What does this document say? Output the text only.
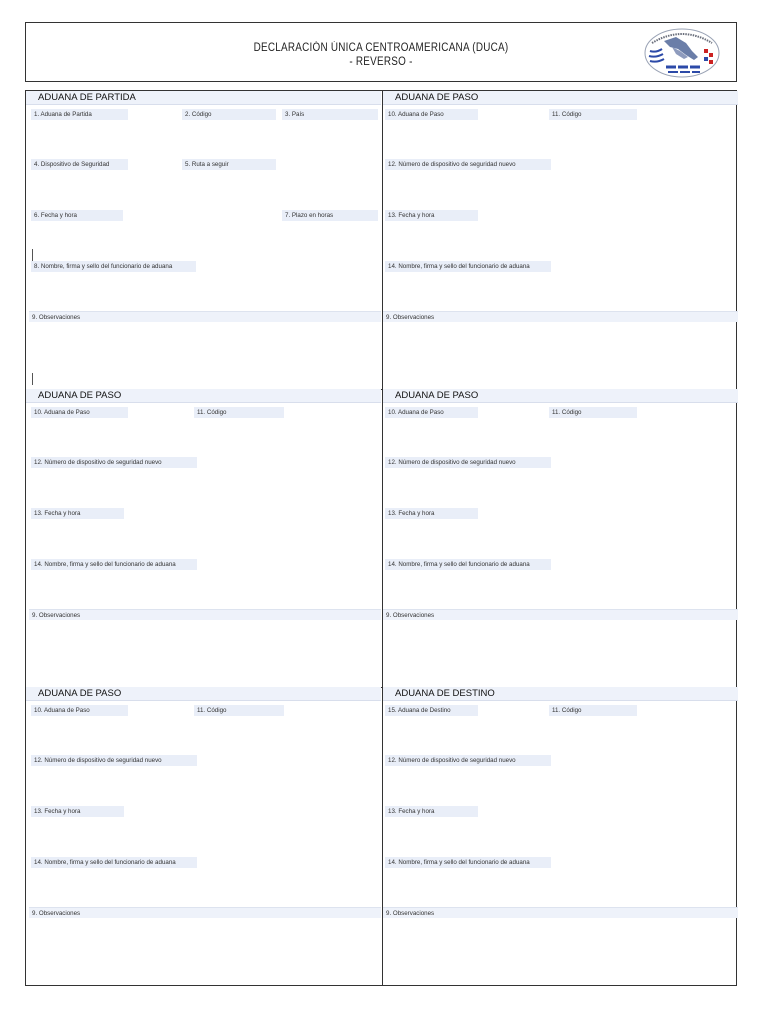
DECLARACIÓN ÚNICA CENTROAMERICANA (DUCA)
- REVERSO -
ADUANA DE PARTIDA
1. Aduana de Partida	2. Código	3. País
4. Dispositivo de Seguridad	5. Ruta a seguir
6. Fecha y hora	7. Plazo en horas
8. Nombre, firma y sello del funcionario de aduana
9. Observaciones
ADUANA DE PASO
10. Aduana de Paso	11. Código
12. Número de dispositivo de seguridad nuevo
13. Fecha y hora
14. Nombre, firma y sello del funcionario de aduana
9. Observaciones
ADUANA DE PASO
10. Aduana de Paso	11. Código
12. Número de dispositivo de seguridad nuevo
13. Fecha y hora
14. Nombre, firma y sello del funcionario de aduana
9. Observaciones
ADUANA DE PASO
10. Aduana de Paso	11. Código
12. Número de dispositivo de seguridad nuevo
13. Fecha y hora
14. Nombre, firma y sello del funcionario de aduana
9. Observaciones
ADUANA DE PASO
10. Aduana de Paso	11. Código
12. Número de dispositivo de seguridad nuevo
13. Fecha y hora
14. Nombre, firma y sello del funcionario de aduana
9. Observaciones
ADUANA DE DESTINO
15. Aduana de Destino	11. Código
12. Número de dispositivo de seguridad nuevo
13. Fecha y hora
14. Nombre, firma y sello del funcionario de aduana
9. Observaciones
